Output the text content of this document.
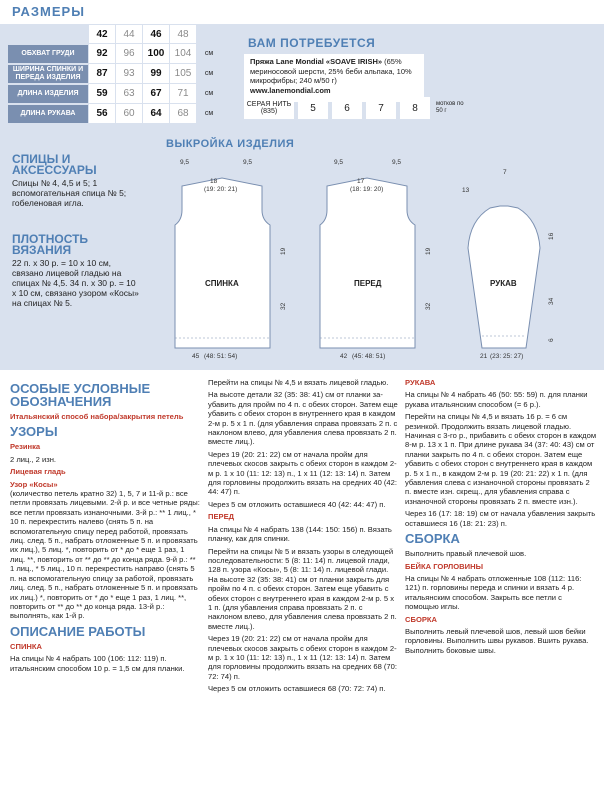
РАЗМЕРЫ
	42	44	46	48	
ОБХВАТ ГРУДИ	92	96	100	104	см
ШИРИНА СПИНКИ И ПЕРЕДА ИЗДЕЛИЯ	87	93	99	105	см
ДЛИНА ИЗДЕЛИЯ	59	63	67	71	см
ДЛИНА РУКАВА	56	60	64	68	см
ВАМ ПОТРЕБУЕТСЯ
Пряжа Lane Mondial «SOAVE IRISH» (65% мериносовой шерсти, 25% беби альпака, 10% микрофибры; 240 м/50 г)
www.lanemondial.com
СЕРАЯ НИТЬ (835)	5	6	7	8	мотков по 50 г
СПИЦЫ И АКСЕССУАРЫ

Спицы № 4, 4,5 и 5; 1 вспомогательная спица № 5; гобеленовая игла.

ПЛОТНОСТЬ ВЯЗАНИЯ

22 п. х 30 р. = 10 х 10 см, связано лицевой гладью на спицах № 4,5. 34 п. х 30 р. = 10 х 10 см, связано узором «Косы» на спицах № 5.

ВЫКРОЙКА ИЗДЕЛИЯ
9,5
18
(19: 20: 21)
9,5	9,5
17
(18: 19: 20)
9,5
7
13
45 (48: 51: 54)	42 (45: 48: 51)	21 (23: 25: 27)
19
32
19
32
16
34
6
СПИНКА	ПЕРЕД	РУКАВ
ОСОБЫЕ УСЛОВНЫЕ ОБОЗНАЧЕНИЯ

Итальянский способ набора/закрытия петель

УЗОРЫ

Резинка

2 лиц., 2 изн.

Лицевая гладь

Узор «Косы»

(количество петель кратно 32) 1, 5, 7 и 11-й р.: все петли провязать лицевыми. 2-й р. и все четные ряды: все петли провязать изнаночными. 3-й р.: ** 1 лиц., * 10 п. перекрестить налево (снять 5 п. на вспомогательную спицу перед работой, провязать лиц. след. 5 п., набрать отложенные 5 п. и провязать их лиц.), 5 лиц. *, повторить от * до * еще 1 раз, 1 лиц. **, повторить от ** до ** до конца ряда. 9-й р.: ** 1 лиц., * 5 лиц., 10 п. перекрестить направо (снять 5 п. на вспомогательную спицу за работой, провязать лиц. след. 5 п., набрать отложенные 5 п. и провязать их лиц.) *, повторить от * до * еще 1 раз, 1 лиц. **, повторить от ** до ** до конца ряда. 13-й р.: выполнять, как 1-й р.

ОПИСАНИЕ РАБОТЫ

СПИНКА

На спицы № 4 набрать 100 (106: 112: 119) п. итальянским способом 10 р. = 1,5 см для планки.

Перейти на спицы № 4,5 и вязать лицевой гладью.

На высоте детали 32 (35: 38: 41) см от планки за-убавить для пройм по 4 п. с обеих сторон. Затем еще убавить с обеих сторон в внутреннего края в каждом 2-м р. 5 х 1 п. (для убавления справа провязать 2 п. с наклоном влево, для убавления слева провязать 2 п. вместе лиц.).

Через 19 (20: 21: 22) см от начала пройм для плечевых скосов закрыть с обеих сторон в каждом 2-м р. 1 х 10 (11: 12: 13) п., 1 х 11 (12: 13: 14) п. Затем для горловины продолжить вязать на средних 40 (42: 44: 47) п.

Через 5 см отложить оставшиеся 40 (42: 44: 47) п.

ПЕРЕД

На спицы № 4 набрать 138 (144: 150: 156) п. Вязать планку, как для спинки.

Перейти на спицы № 5 и вязать узоры в следующей последовательности: 5 (8: 11: 14) п. лицевой глади, 128 п. узора «Косы», 5 (8: 11: 14) п. лицевой глади. На высоте 32 (35: 38: 41) см от планки закрыть для пройм по 4 п. с обеих сторон. Затем еще убавить с обеих сторон с внутреннего края в каждом 2-м р. 5 х 1 п. (для убавления справа провязать 2 п. с наклоном влево, для убавления слева провязать 2 п. вместе лиц.).

Через 19 (20: 21: 22) см от начала пройм для плечевых скосов закрыть с обеих сторон в каждом 2-м р. 1 х 10 (11: 12: 13) п., 1 х 11 (12: 13: 14) п. Затем для горловины продолжить вязать на средних 68 (70: 72: 74) п.

Через 5 см отложить оставшиеся 68 (70: 72: 74) п.

РУКАВА

На спицы № 4 набрать 46 (50: 55: 59) п. для планки рукава итальянским способом (= 6 р.).

Перейти на спицы № 4,5 и вязать 16 р. = 6 см резинкой. Продолжить вязать лицевой гладью. Начиная с 3-го р., прибавить с обеих сторон в каждом 8-м р. 13 х 1 п. При длине рукава 34 (37: 40: 43) см от планки закрыть по 4 п. с обеих сторон. Затем еще убавить с обеих сторон с внутреннего края в каждом р. 5 х 1 п., в каждом 2-м р. 19 (20: 21: 22) х 1 п. (для убавления слева с изнаночной стороны провязать 2 п. вместе изн. скрещ., для убавления справа с изнаночной стороны провязать 2 п. вместе изн.).

Через 16 (17: 18: 19) см от начала убавления закрыть оставшиеся 16 (18: 21: 23) п.

СБОРКА

Выполнить правый плечевой шов.

БЕЙКА ГОРЛОВИНЫ

На спицы № 4 набрать отложенные 108 (112: 116: 121) п. горловины переда и спинки и вязать 4 р. итальянским способом. Закрыть все петли с помощью иглы.

СБОРКА

Выполнить левый плечевой шов, левый шов бейки горловины. Выполнить швы рукавов. Вшить рукава. Выполнить боковые швы.
